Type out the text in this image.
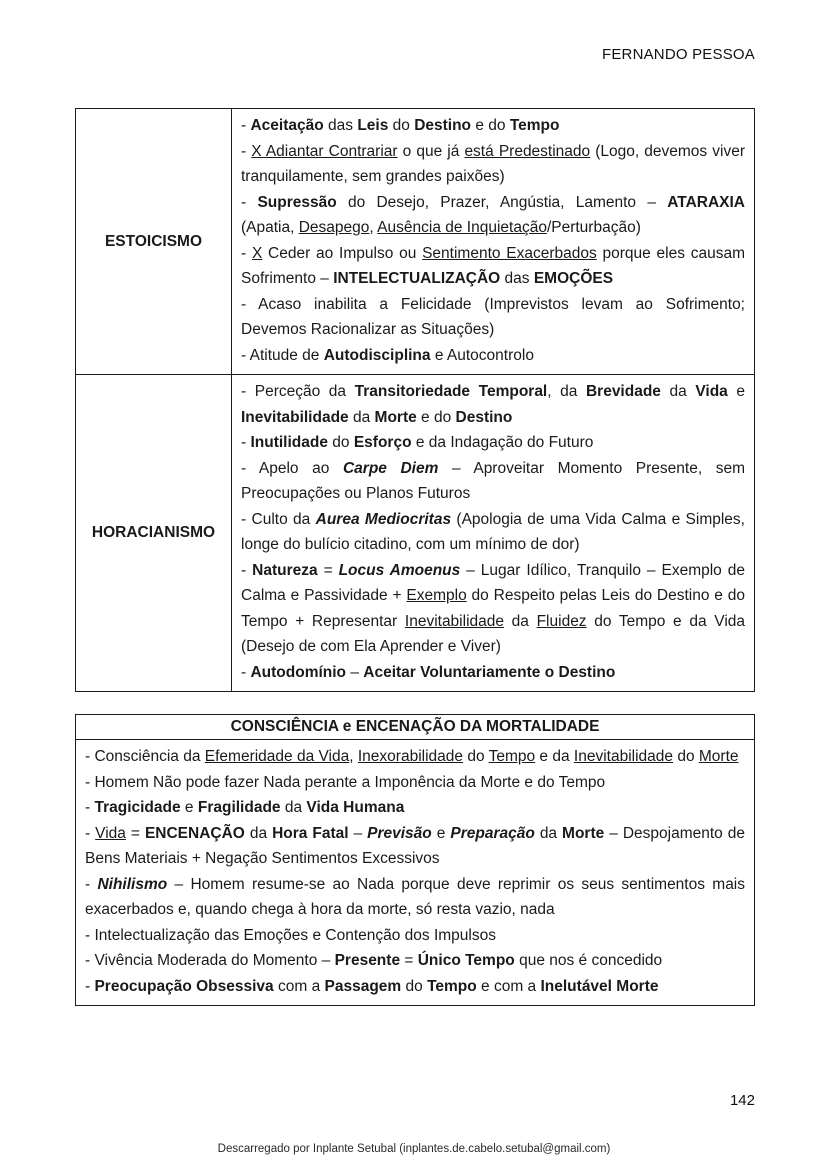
FERNANDO PESSOA
ESTOICISMO	
- Aceitação das Leis do Destino e do Tempo
- X Adiantar Contrariar o que já está Predestinado (Logo, devemos viver tranquilamente, sem grandes paixões)
- Supressão do Desejo, Prazer, Angústia, Lamento – ATARAXIA (Apatia, Desapego, Ausência de Inquietação/Perturbação)
- X Ceder ao Impulso ou Sentimento Exacerbados porque eles causam Sofrimento – INTELECTUALIZAÇÃO das EMOÇÕES
- Acaso inabilita a Felicidade (Imprevistos levam ao Sofrimento; Devemos Racionalizar as Situações)
- Atitude de Autodisciplina e Autocontrolo

HORACIANISMO	
- Perceção da Transitoriedade Temporal, da Brevidade da Vida e Inevitabilidade da Morte e do Destino
- Inutilidade do Esforço e da Indagação do Futuro
- Apelo ao Carpe Diem – Aproveitar Momento Presente, sem Preocupações ou Planos Futuros
- Culto da Aurea Mediocritas (Apologia de uma Vida Calma e Simples, longe do bulício citadino, com um mínimo de dor)
- Natureza = Locus Amoenus – Lugar Idílico, Tranquilo – Exemplo de Calma e Passividade + Exemplo do Respeito pelas Leis do Destino e do Tempo + Representar Inevitabilidade da Fluidez do Tempo e da Vida (Desejo de com Ela Aprender e Viver)
- Autodomínio – Aceitar Voluntariamente o Destino
CONSCIÊNCIA e ENCENAÇÃO DA MORTALIDADE

- Consciência da Efemeridade da Vida, Inexorabilidade do Tempo e da Inevitabilidade do Morte
- Homem Não pode fazer Nada perante a Imponência da Morte e do Tempo
- Tragicidade e Fragilidade da Vida Humana
- Vida = ENCENAÇÃO da Hora Fatal – Previsão e Preparação da Morte – Despojamento de Bens Materiais + Negação Sentimentos Excessivos
- Nihilismo – Homem resume-se ao Nada porque deve reprimir os seus sentimentos mais exacerbados e, quando chega à hora da morte, só resta vazio, nada
- Intelectualização das Emoções e Contenção dos Impulsos
- Vivência Moderada do Momento – Presente = Único Tempo que nos é concedido
- Preocupação Obsessiva com a Passagem do Tempo e com a Inelutável Morte
142
Descarregado por Inplante Setubal (inplantes.de.cabelo.setubal@gmail.com)
